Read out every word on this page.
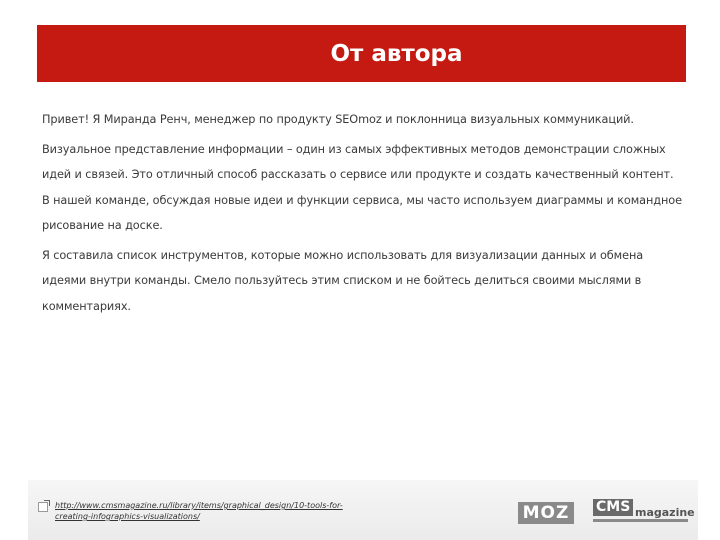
От автора

Привет! Я Миранда Ренч, менеджер по продукту SEOmoz и поклонница визуальных коммуникаций.

Визуальное представление информации – один из самых эффективных методов демонстрации сложных идей и связей. Это отличный способ рассказать о сервисе или продукте и создать качественный контент. В нашей команде, обсуждая новые идеи и функции сервиса, мы часто используем диаграммы и командное рисование на доске.

Я составила список инструментов, которые можно использовать для визуализации данных и обмена идеями внутри команды. Смело пользуйтесь этим списком и не бойтесь делиться своими мыслями в комментариях.

http://www.cmsmagazine.ru/library/items/graphical_design/10-tools-for-creating-infographics-visualizations/	MOZ CMS magazine
